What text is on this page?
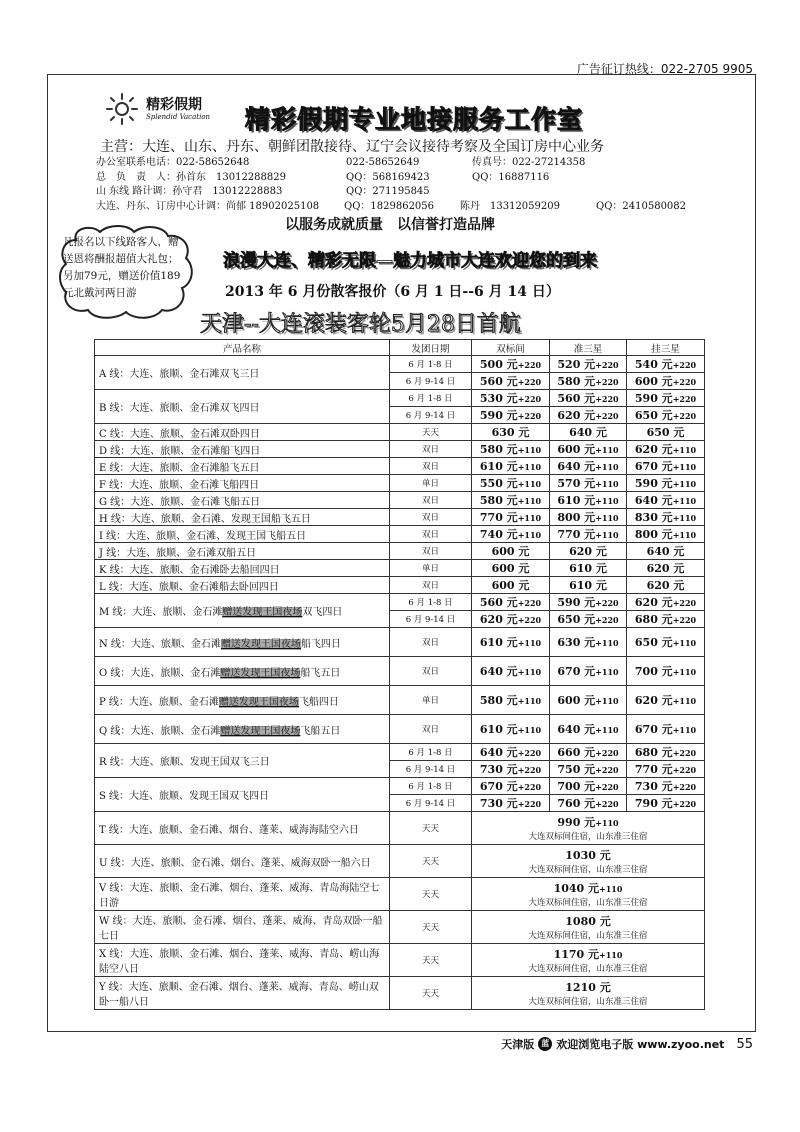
广告征订热线：022-2705 9905
精彩假期
Splendid Vacation 精彩假期专业地接服务工作室
主营：大连、山东、丹东、朝鲜团散接待、辽宁会议接待考察及全国订房中心业务
办公室联系电话：022-58652648	022-58652649	传真号：022-27214358
总　负　责　人：孙首东　13012288829	QQ：568169423	QQ：16887116
山 东线 路计调：孙守君　13012228883	QQ：271195845
大连、丹东、订房中心计调：尚郁 18902025108 QQ：1829862056	陈丹　13312059209	QQ：2410580082
以服务成就质量　以信誉打造品牌
凡报名以下线路客人，赠送恩将酬报超值大礼包；另加79元，赠送价值189元北戴河两日游
浪漫大连、精彩无限—魅力城市大连欢迎您的到来
2013 年 6 月份散客报价（6 月 1 日--6 月 14 日）
天津--大连滚装客轮5月28日首航
产品名称	发团日期	双标间	准三星	挂三星
A 线：大连、旅顺、金石滩双飞三日	6 月 1-8 日	500 元+220	520 元+220	540 元+220
	6 月 9-14 日	560 元+220	580 元+220	600 元+220
B 线：大连、旅顺、金石滩双飞四日	6 月 1-8 日	530 元+220	560 元+220	590 元+220
	6 月 9-14 日	590 元+220	620 元+220	650 元+220
C 线：大连、旅顺、金石滩双卧四日	天天	630 元	640 元	650 元
D 线：大连、旅顺、金石滩船飞四日	双日	580 元+110	600 元+110	620 元+110
E 线：大连、旅顺、金石滩船飞五日	双日	610 元+110	640 元+110	670 元+110
F 线：大连、旅顺、金石滩飞船四日	单日	550 元+110	570 元+110	590 元+110
G 线：大连、旅顺、金石滩飞船五日	双日	580 元+110	610 元+110	640 元+110
H 线：大连、旅顺、金石滩、发现王国船飞五日	双日	770 元+110	800 元+110	830 元+110
I 线：大连、旅顺、金石滩、发现王国飞船五日	双日	740 元+110	770 元+110	800 元+110
J 线：大连、旅顺、金石滩双船五日	双日	600 元	620 元	640 元
K 线：大连、旅顺、金石滩卧去船回四日	单日	600 元	610 元	620 元
L 线：大连、旅顺、金石滩船去卧回四日	双日	600 元	610 元	620 元
M 线：大连、旅顺、金石滩赠送发现王国夜场双飞四日	6 月 1-8 日	560 元+220	590 元+220	620 元+220
	6 月 9-14 日	620 元+220	650 元+220	680 元+220
N 线：大连、旅顺、金石滩赠送发现王国夜场船飞四日	双日	610 元+110	630 元+110	650 元+110
O 线：大连、旅顺、金石滩赠送发现王国夜场船飞五日	双日	640 元+110	670 元+110	700 元+110
P 线：大连、旅顺、金石滩赠送发现王国夜场飞船四日	单日	580 元+110	600 元+110	620 元+110
Q 线：大连、旅顺、金石滩赠送发现王国夜场飞船五日	双日	610 元+110	640 元+110	670 元+110
R 线：大连、旅顺、发现王国双飞三日	6 月 1-8 日	640 元+220	660 元+220	680 元+220
	6 月 9-14 日	730 元+220	750 元+220	770 元+220
S 线：大连、旅顺、发现王国双飞四日	6 月 1-8 日	670 元+220	700 元+220	730 元+220
	6 月 9-14 日	730 元+220	760 元+220	790 元+220
T 线：大连、旅顺、金石滩、烟台、蓬莱、威海海陆空六日	天天	990 元+110
大连双标间住宿，山东准三住宿		

U 线：大连、旅顺、金石滩、烟台、蓬莱、威海双卧一船六日	天天	1030 元
大连双标间住宿，山东准三住宿		

V 线：大连、旅顺、金石滩、烟台、蓬莱、威海、青岛海陆空七日游	天天	1040 元+110
大连双标间住宿，山东准三住宿		

W 线：大连、旅顺、金石滩、烟台、蓬莱、威海、青岛双卧一船七日	天天	1080 元
大连双标间住宿，山东准三住宿		

X 线：大连、旅顺、金石滩、烟台、蓬莱、威海、青岛、崂山海陆空八日	天天	1170 元+110
大连双标间住宿，山东准三住宿		

Y 线：大连、旅顺、金石滩、烟台、蓬莱、威海、青岛、崂山双卧一船八日	天天	1210 元
大连双标间住宿，山东准三住宿		
天津版 蓝 欢迎浏览电子版 www.zyoo.net 55
